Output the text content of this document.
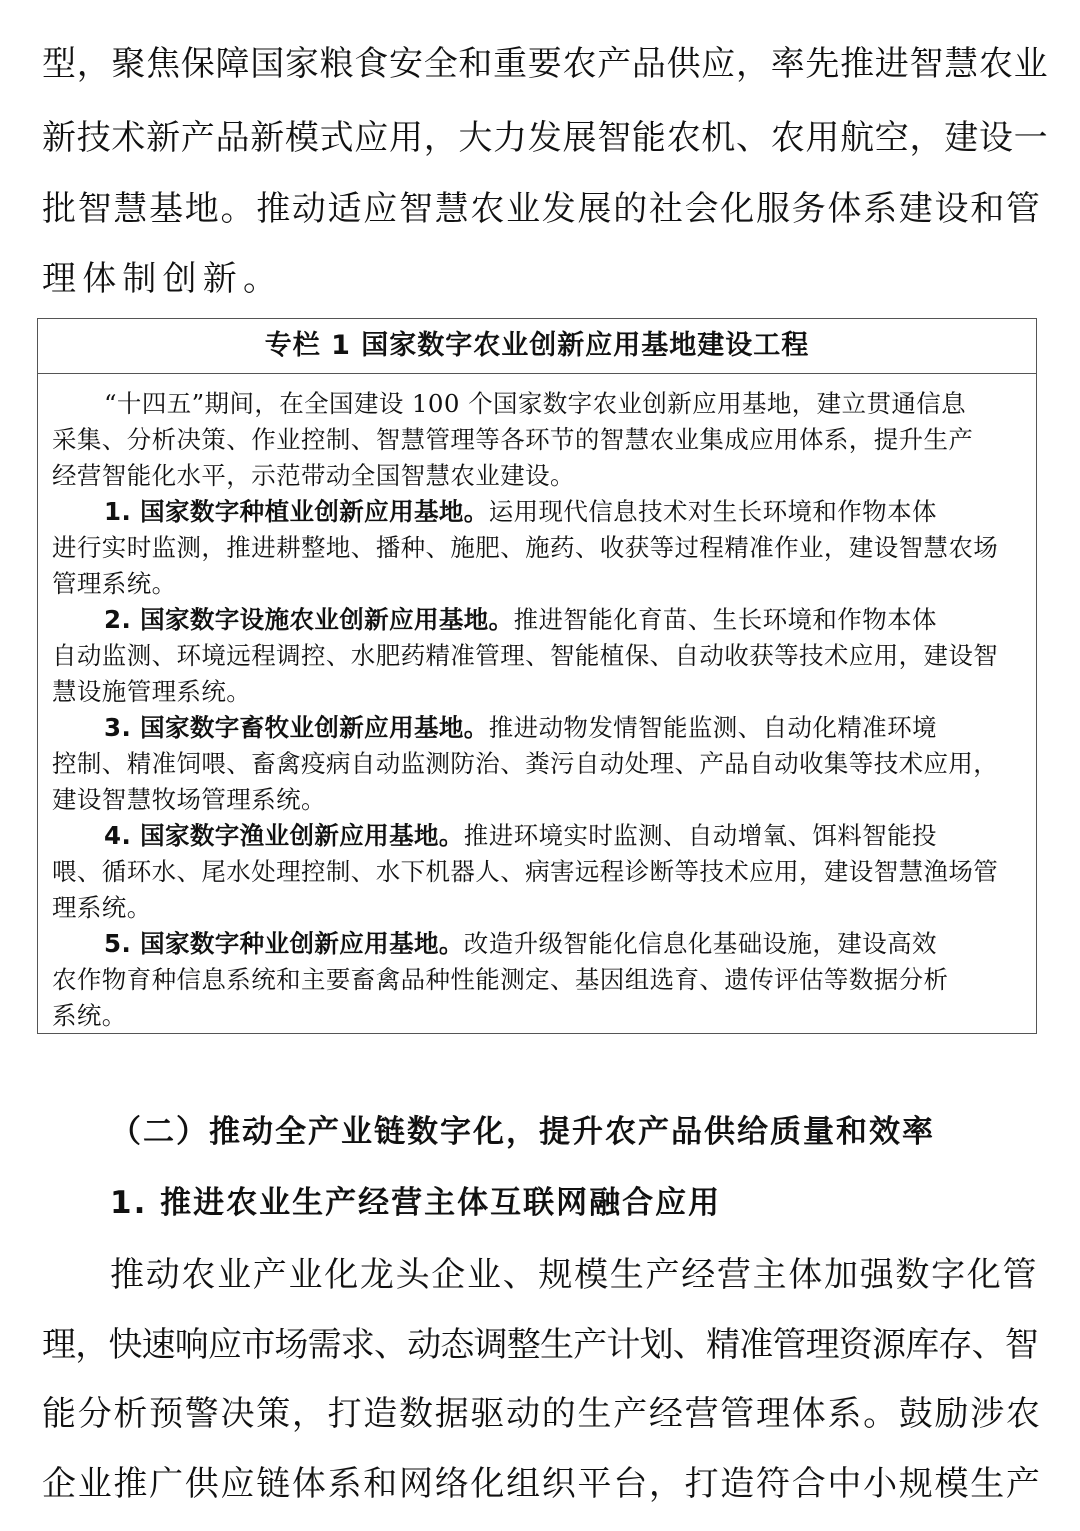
型，聚焦保障国家粮食安全和重要农产品供应，率先推进智慧农业
新技术新产品新模式应用，大力发展智能农机、农用航空，建设一
批智慧基地。推动适应智慧农业发展的社会化服务体系建设和管
理体制创新。
专栏 1 国家数字农业创新应用基地建设工程
“十四五”期间，在全国建设 100 个国家数字农业创新应用基地，建立贯通信息
采集、分析决策、作业控制、智慧管理等各环节的智慧农业集成应用体系，提升生产
经营智能化水平，示范带动全国智慧农业建设。
1. 国家数字种植业创新应用基地。运用现代信息技术对生长环境和作物本体
进行实时监测，推进耕整地、播种、施肥、施药、收获等过程精准作业，建设智慧农场
管理系统。
2. 国家数字设施农业创新应用基地。推进智能化育苗、生长环境和作物本体
自动监测、环境远程调控、水肥药精准管理、智能植保、自动收获等技术应用，建设智
慧设施管理系统。
3. 国家数字畜牧业创新应用基地。推进动物发情智能监测、自动化精准环境
控制、精准饲喂、畜禽疫病自动监测防治、粪污自动处理、产品自动收集等技术应用，
建设智慧牧场管理系统。
4. 国家数字渔业创新应用基地。推进环境实时监测、自动增氧、饵料智能投
喂、循环水、尾水处理控制、水下机器人、病害远程诊断等技术应用，建设智慧渔场管
理系统。
5. 国家数字种业创新应用基地。改造升级智能化信息化基础设施，建设高效
农作物育种信息系统和主要畜禽品种性能测定、基因组选育、遗传评估等数据分析
系统。
（二）推动全产业链数字化，提升农产品供给质量和效率
1. 推进农业生产经营主体互联网融合应用
推动农业产业化龙头企业、规模生产经营主体加强数字化管
理，快速响应市场需求、动态调整生产计划、精准管理资源库存、智
能分析预警决策，打造数据驱动的生产经营管理体系。鼓励涉农
企业推广供应链体系和网络化组织平台，打造符合中小规模生产
